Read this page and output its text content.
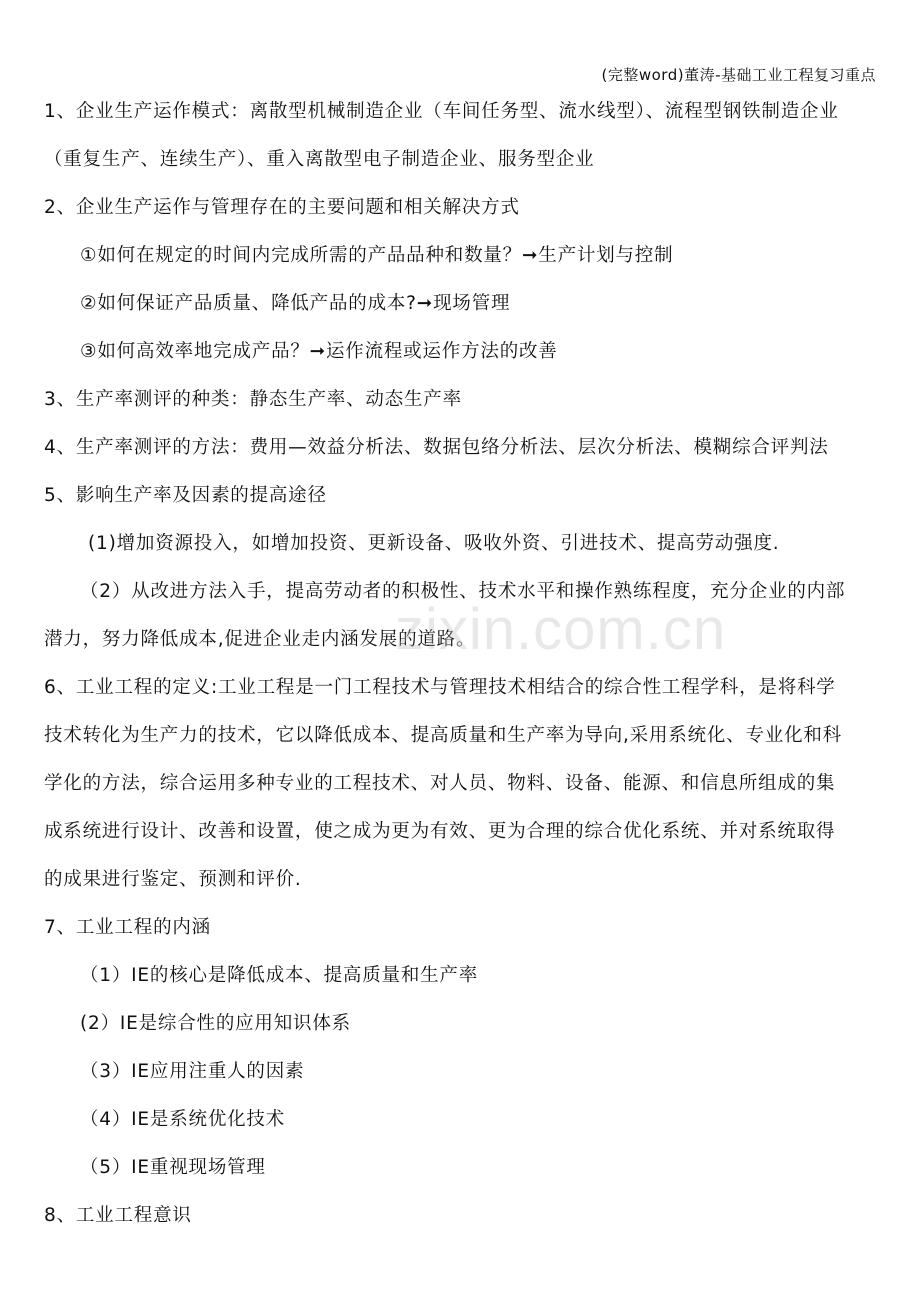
(完整word)董涛-基础工业工程复习重点
1、企业生产运作模式：离散型机械制造企业（车间任务型、流水线型）、流程型钢铁制造企业
（重复生产、连续生产）、重入离散型电子制造企业、服务型企业
2、企业生产运作与管理存在的主要问题和相关解决方式
①如何在规定的时间内完成所需的产品品种和数量？➞生产计划与控制
②如何保证产品质量、降低产品的成本?➞现场管理
③如何高效率地完成产品？➞运作流程或运作方法的改善
3、生产率测评的种类：静态生产率、动态生产率
4、生产率测评的方法：费用—效益分析法、数据包络分析法、层次分析法、模糊综合评判法
5、影响生产率及因素的提高途径
(1)增加资源投入，如增加投资、更新设备、吸收外资、引进技术、提高劳动强度.
（2）从改进方法入手，提高劳动者的积极性、技术水平和操作熟练程度，充分企业的内部
潜力，努力降低成本,促进企业走内涵发展的道路。
6、工业工程的定义:工业工程是一门工程技术与管理技术相结合的综合性工程学科，是将科学
技术转化为生产力的技术，它以降低成本、提高质量和生产率为导向,采用系统化、专业化和科
学化的方法，综合运用多种专业的工程技术、对人员、物料、设备、能源、和信息所组成的集
成系统进行设计、改善和设置，使之成为更为有效、更为合理的综合优化系统、并对系统取得
的成果进行鉴定、预测和评价.
7、工业工程的内涵
（1）IE的核心是降低成本、提高质量和生产率
(2）IE是综合性的应用知识体系
（3）IE应用注重人的因素
（4）IE是系统优化技术
（5）IE重视现场管理
8、工业工程意识
zixin.com.cn
